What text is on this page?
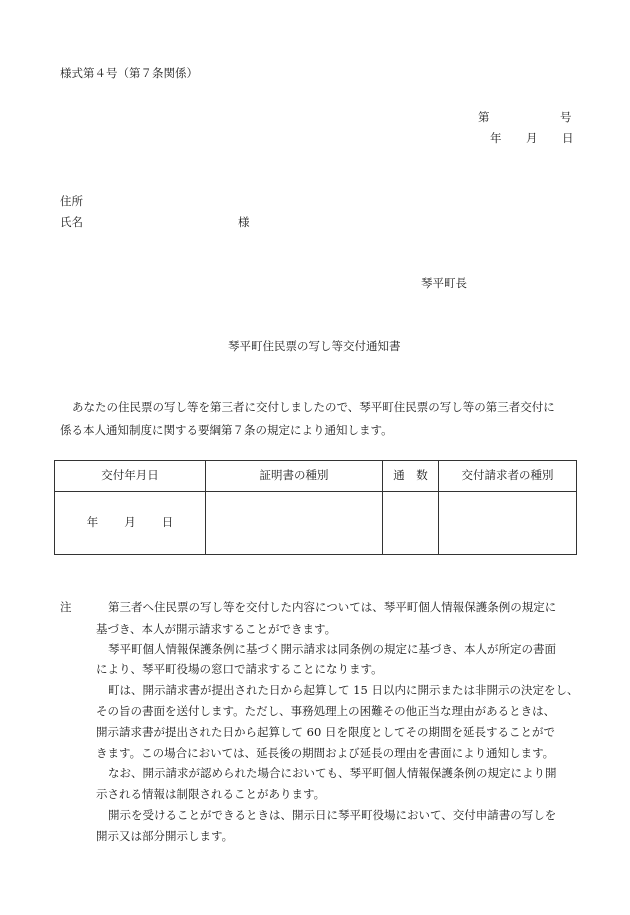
様式第４号（第７条関係）
第	号
年 月 日
住所
氏名	様
琴平町長
琴平町住民票の写し等交付通知書
あなたの住民票の写し等を第三者に交付しましたので、琴平町住民票の写し等の第三者交付に
係る本人通知制度に関する要綱第７条の規定により通知します。
交付年月日	証明書の種別	通　数	交付請求者の種別
年 月 日			
注	第三者へ住民票の写し等を交付した内容については、琴平町個人情報保護条例の規定に
基づき、本人が開示請求することができます。
琴平町個人情報保護条例に基づく開示請求は同条例の規定に基づき、本人が所定の書面
により、琴平町役場の窓口で請求することになります。
町は、開示請求書が提出された日から起算して 15 日以内に開示または非開示の決定をし、
その旨の書面を送付します。ただし、事務処理上の困難その他正当な理由があるときは、
開示請求書が提出された日から起算して 60 日を限度としてその期間を延長することがで
きます。この場合においては、延長後の期間および延長の理由を書面により通知します。
なお、開示請求が認められた場合においても、琴平町個人情報保護条例の規定により開
示される情報は制限されることがあります。
開示を受けることができるときは、開示日に琴平町役場において、交付申請書の写しを
開示又は部分開示します。
